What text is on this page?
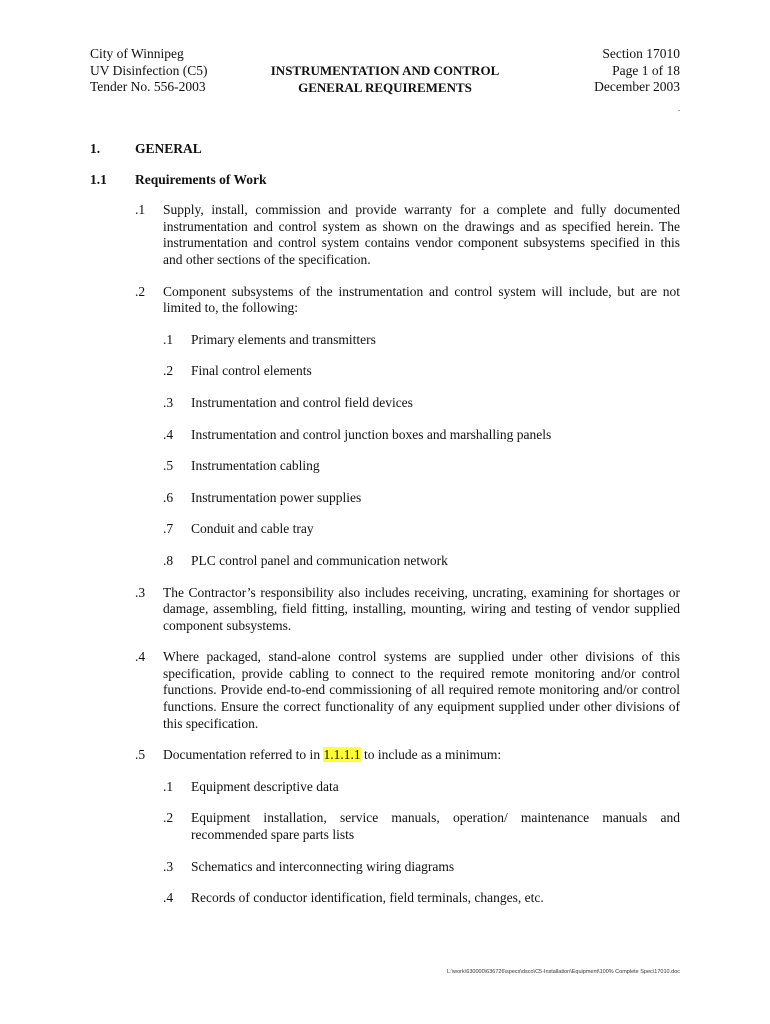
City of Winnipeg
UV Disinfection (C5)
Tender No. 556-2003
INSTRUMENTATION AND CONTROL
GENERAL REQUIREMENTS
Section 17010
Page 1 of 18
December 2003
.
1.	GENERAL
1.1	Requirements of Work
.1	Supply, install, commission and provide warranty for a complete and fully documented instrumentation and control system as shown on the drawings and as specified herein. The instrumentation and control system contains vendor component subsystems specified in this and other sections of the specification.
.2	Component subsystems of the instrumentation and control system will include, but are not limited to, the following:
.1	Primary elements and transmitters
.2	Final control elements
.3	Instrumentation and control field devices
.4	Instrumentation and control junction boxes and marshalling panels
.5	Instrumentation cabling
.6	Instrumentation power supplies
.7	Conduit and cable tray
.8	PLC control panel and communication network
.3	The Contractor’s responsibility also includes receiving, uncrating, examining for shortages or damage, assembling, field fitting, installing, mounting, wiring and testing of vendor supplied component subsystems.
.4	Where packaged, stand-alone control systems are supplied under other divisions of this specification, provide cabling to connect to the required remote monitoring and/or control functions. Provide end-to-end commissioning of all required remote monitoring and/or control functions. Ensure the correct functionality of any equipment supplied under other divisions of this specification.
.5	Documentation referred to in 1.1.1.1 to include as a minimum:
.1	Equipment descriptive data
.2	Equipment installation, service manuals, operation/ maintenance manuals and recommended spare parts lists
.3	Schematics and interconnecting wiring diagrams
.4	Records of conductor identification, field terminals, changes, etc.
L:\work\630000\636726\specs\dsco\C5-Installation\Equipment\100% Complete Spec\17010.doc
